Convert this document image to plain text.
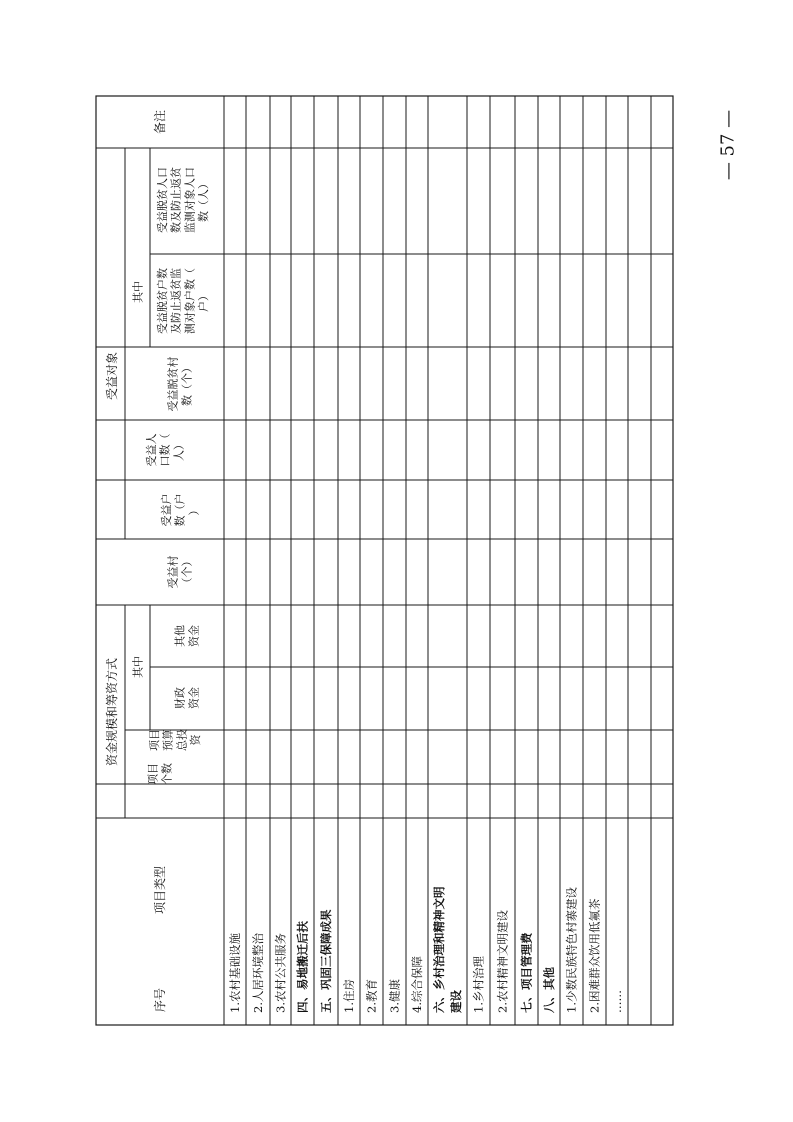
序号
项目类型
项目 个数
资金规模和筹资方式	项目 预算 总投 资
其中
财政 资金
其他 资金
受益对象
受益村 （个）
受益户 数（户 ）
受益人 口数（ 人）
受益脱贫村 数（个）
其中 受益脱贫户数 及防止返贫监 测对象户数（ 户）
受益脱贫人口 数及防止返贫 监测对象人口 数（人）
备注
1.农村基础设施 2.人居环境整治 3.农村公共服务 四、易地搬迁后扶 五、巩固三保障成果 1.住房 2.教育 3.健康 4.综合保障 六、乡村治理和精神文明 建设 1.乡村治理 2.农村精神文明建设 七、项目管理费 八、其他 1.少数民族特色村寨建设 2.困难群众饮用低氟茶 ……
— 57 —
